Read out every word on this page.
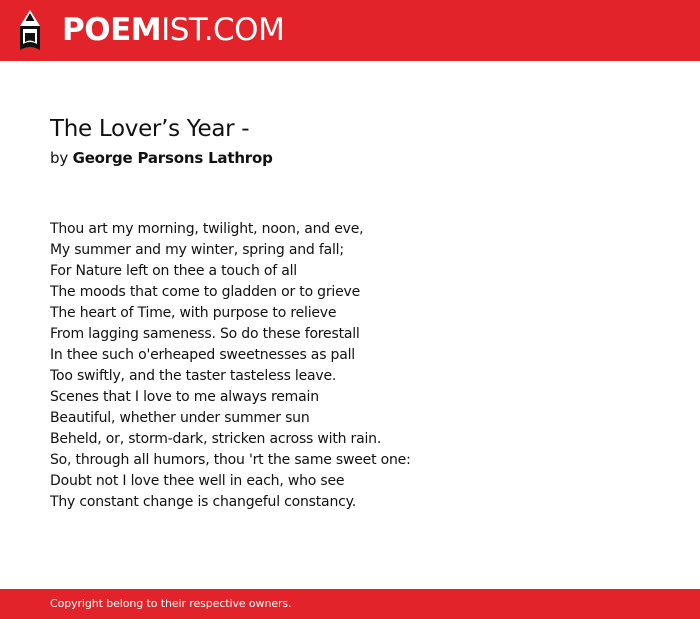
POEMIST.COM
The Lover’s Year -
by George Parsons Lathrop
Thou art my morning, twilight, noon, and eve,
My summer and my winter, spring and fall;
For Nature left on thee a touch of all
The moods that come to gladden or to grieve
The heart of Time, with purpose to relieve
From lagging sameness. So do these forestall
In thee such o'erheaped sweetnesses as pall
Too swiftly, and the taster tasteless leave.
Scenes that I love to me always remain
Beautiful, whether under summer sun
Beheld, or, storm-dark, stricken across with rain.
So, through all humors, thou 'rt the same sweet one:
Doubt not I love thee well in each, who see
Thy constant change is changeful constancy.
Copyright belong to their respective owners.
